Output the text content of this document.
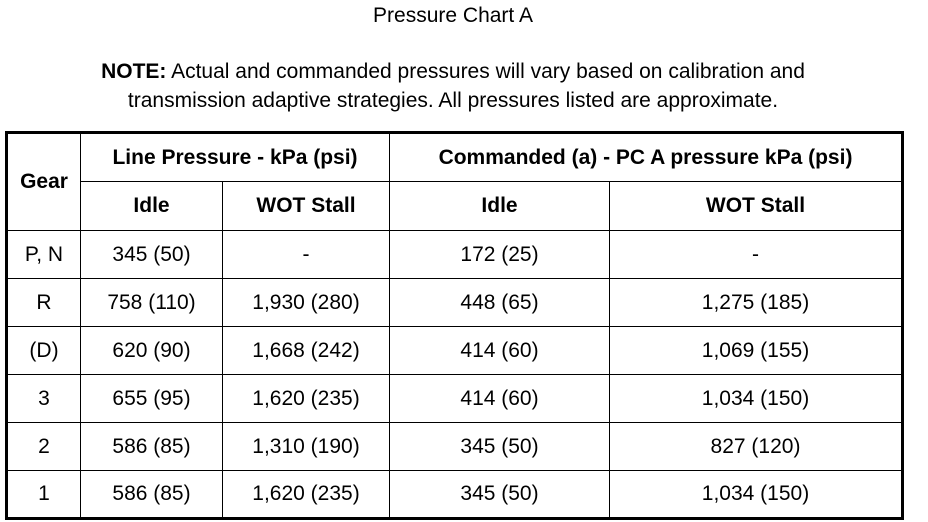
Pressure Chart A
NOTE: Actual and commanded pressures will vary based on calibration and
transmission adaptive strategies. All pressures listed are approximate.
Gear	Line Pressure - kPa (psi)		Commanded (a) - PC A pressure kPa (psi)	
	Idle	WOT Stall	Idle	WOT Stall
P, N	345 (50)	-	172 (25)	-
R	758 (110)	1,930 (280)	448 (65)	1,275 (185)
(D)	620 (90)	1,668 (242)	414 (60)	1,069 (155)
3	655 (95)	1,620 (235)	414 (60)	1,034 (150)
2	586 (85)	1,310 (190)	345 (50)	827 (120)
1	586 (85)	1,620 (235)	345 (50)	1,034 (150)
